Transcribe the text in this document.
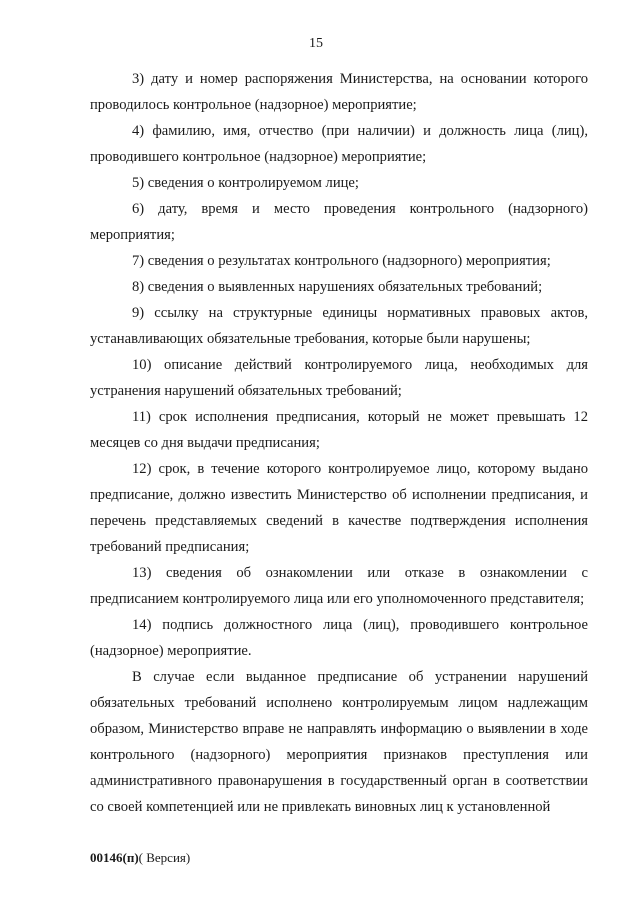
15

3) дату и номер распоряжения Министерства, на основании которого проводилось контрольное (надзорное) мероприятие;

4) фамилию, имя, отчество (при наличии) и должность лица (лиц), проводившего контрольное (надзорное) мероприятие;

5) сведения о контролируемом лице;

6) дату, время и место проведения контрольного (надзорного) мероприятия;

7) сведения о результатах контрольного (надзорного) мероприятия;

8) сведения о выявленных нарушениях обязательных требований;

9) ссылку на структурные единицы нормативных правовых актов, устанавливающих обязательные требования, которые были нарушены;

10) описание действий контролируемого лица, необходимых для устранения нарушений обязательных требований;

11) срок исполнения предписания, который не может превышать 12 месяцев со дня выдачи предписания;

12) срок, в течение которого контролируемое лицо, которому выдано предписание, должно известить Министерство об исполнении предписания, и перечень представляемых сведений в качестве подтверждения исполнения требований предписания;

13) сведения об ознакомлении или отказе в ознакомлении с предписанием контролируемого лица или его уполномоченного представителя;

14) подпись должностного лица (лиц), проводившего контрольное (надзорное) мероприятие.

В случае если выданное предписание об устранении нарушений обязательных требований исполнено контролируемым лицом надлежащим образом, Министерство вправе не направлять информацию о выявлении в ходе контрольного (надзорного) мероприятия признаков преступления или административного правонарушения в государственный орган в соответствии со своей компетенцией или не привлекать виновных лиц к установленной

00146(п)( Версия)
